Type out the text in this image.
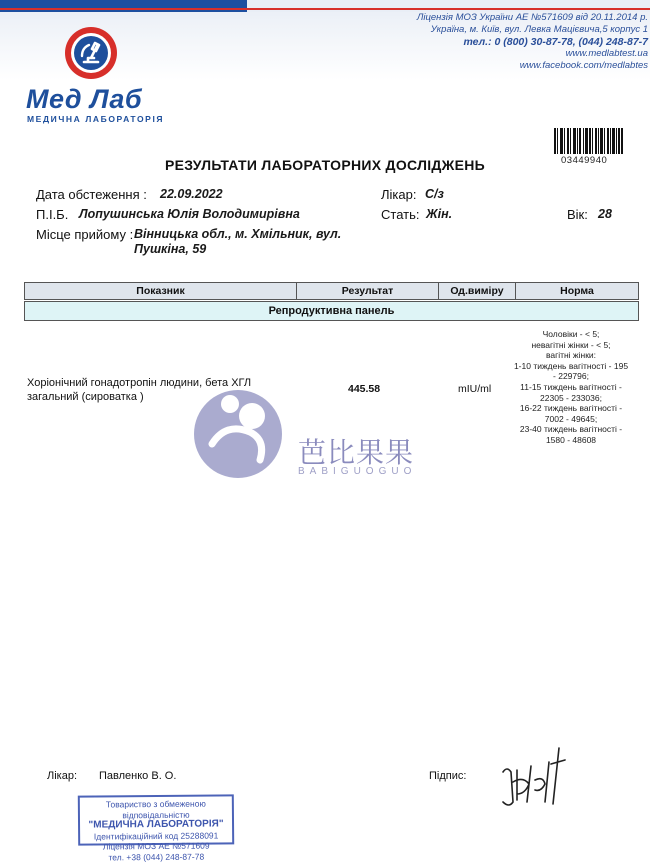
Ліцензія МОЗ України АЕ №571609 від 20.11.2014 р.
Україна, м. Київ, вул. Левка Мацієвича,5 корпус 1
тел.: 0 (800) 30-87-78, (044) 248-87-7
www.medlabtest.ua
www.facebook.com/medlabtes
Мед Лаб
МЕДИЧНА ЛАБОРАТОРІЯ
03449940
РЕЗУЛЬТАТИ ЛАБОРАТОРНИХ ДОСЛІДЖЕНЬ
Дата обстеження : 22.09.2022	Лікар: С/з
П.І.Б. Лопушинська Юлія Володимирівна	Стать: Жін.	Вік: 28
Місце прийому : Вінницька обл., м. Хмільник, вул.
Пушкіна, 59
Показник	Результат	Од.виміру	Норма
Репродуктивна панель
Хоріонічний гонадотропін людини, бета ХГЛ
загальний (сироватка )
445.58	mIU/ml
Чоловіки - < 5;
невагітні жінки - < 5;
вагітні жінки:
1-10 тиждень вагітності - 195
- 229796;
11-15 тиждень вагітності -
22305 - 233036;
16-22 тиждень вагітності -
7002 - 49645;
23-40 тиждень вагітності -
1580 - 48608
芭比果果
BABIGUOGUO
Лікар: Павленко В. О.	Підпис:
Товариство з обмеженою відповідальністю
"МЕДИЧНА ЛАБОРАТОРІЯ"
Ідентифікаційний код 25288091
Ліцензія МОЗ АЕ №571609
тел. +38 (044) 248-87-78
